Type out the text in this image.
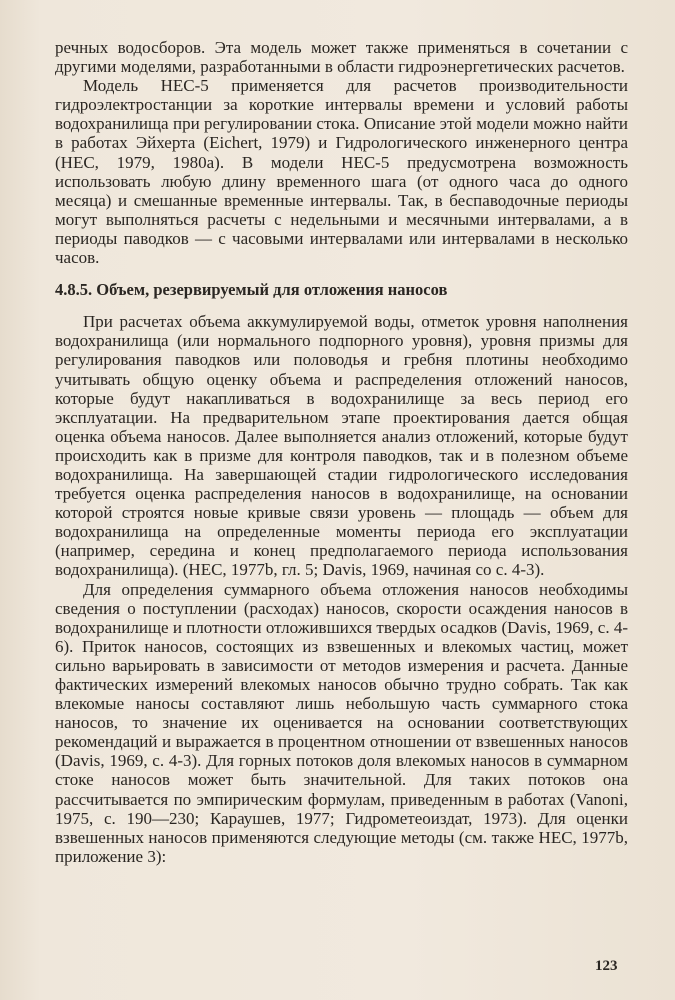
речных водосборов. Эта модель может также применяться в сочетании с другими моделями, разработанными в области гидроэнергетических расчетов.

Модель HEC-5 применяется для расчетов производительности гидроэлектростанции за короткие интервалы времени и условий работы водохранилища при регулировании стока. Описание этой модели можно найти в работах Эйхерта (Eichert, 1979) и Гидрологического инженерного центра (HEC, 1979, 1980a). В модели HEC-5 предусмотрена возможность использовать любую длину временного шага (от одного часа до одного месяца) и смешанные временные интервалы. Так, в беспаводочные периоды могут выполняться расчеты с недельными и месячными интервалами, а в периоды паводков — с часовыми интервалами или интервалами в несколько часов.

4.8.5. Объем, резервируемый для отложения наносов

При расчетах объема аккумулируемой воды, отметок уровня наполнения водохранилища (или нормального подпорного уровня), уровня призмы для регулирования паводков или половодья и гребня плотины необходимо учитывать общую оценку объема и распределения отложений наносов, которые будут накапливаться в водохранилище за весь период его эксплуатации. На предварительном этапе проектирования дается общая оценка объема наносов. Далее выполняется анализ отложений, которые будут происходить как в призме для контроля паводков, так и в полезном объеме водохранилища. На завершающей стадии гидрологического исследования требуется оценка распределения наносов в водохранилище, на основании которой строятся новые кривые связи уровень — площадь — объем для водохранилища на определенные моменты периода его эксплуатации (например, середина и конец предполагаемого периода использования водохранилища). (HEC, 1977b, гл. 5; Davis, 1969, начиная со с. 4-3).

Для определения суммарного объема отложения наносов необходимы сведения о поступлении (расходах) наносов, скорости осаждения наносов в водохранилище и плотности отложившихся твердых осадков (Davis, 1969, с. 4-6). Приток наносов, состоящих из взвешенных и влекомых частиц, может сильно варьировать в зависимости от методов измерения и расчета. Данные фактических измерений влекомых наносов обычно трудно собрать. Так как влекомые наносы составляют лишь небольшую часть суммарного стока наносов, то значение их оценивается на основании соответствующих рекомендаций и выражается в процентном отношении от взвешенных наносов (Davis, 1969, с. 4-3). Для горных потоков доля влекомых наносов в суммарном стоке наносов может быть значительной. Для таких потоков она рассчитывается по эмпирическим формулам, приведенным в работах (Vanoni, 1975, с. 190—230; Караушев, 1977; Гидрометеоиздат, 1973). Для оценки взвешенных наносов применяются следующие методы (см. также HEC, 1977b, приложение 3):

123
